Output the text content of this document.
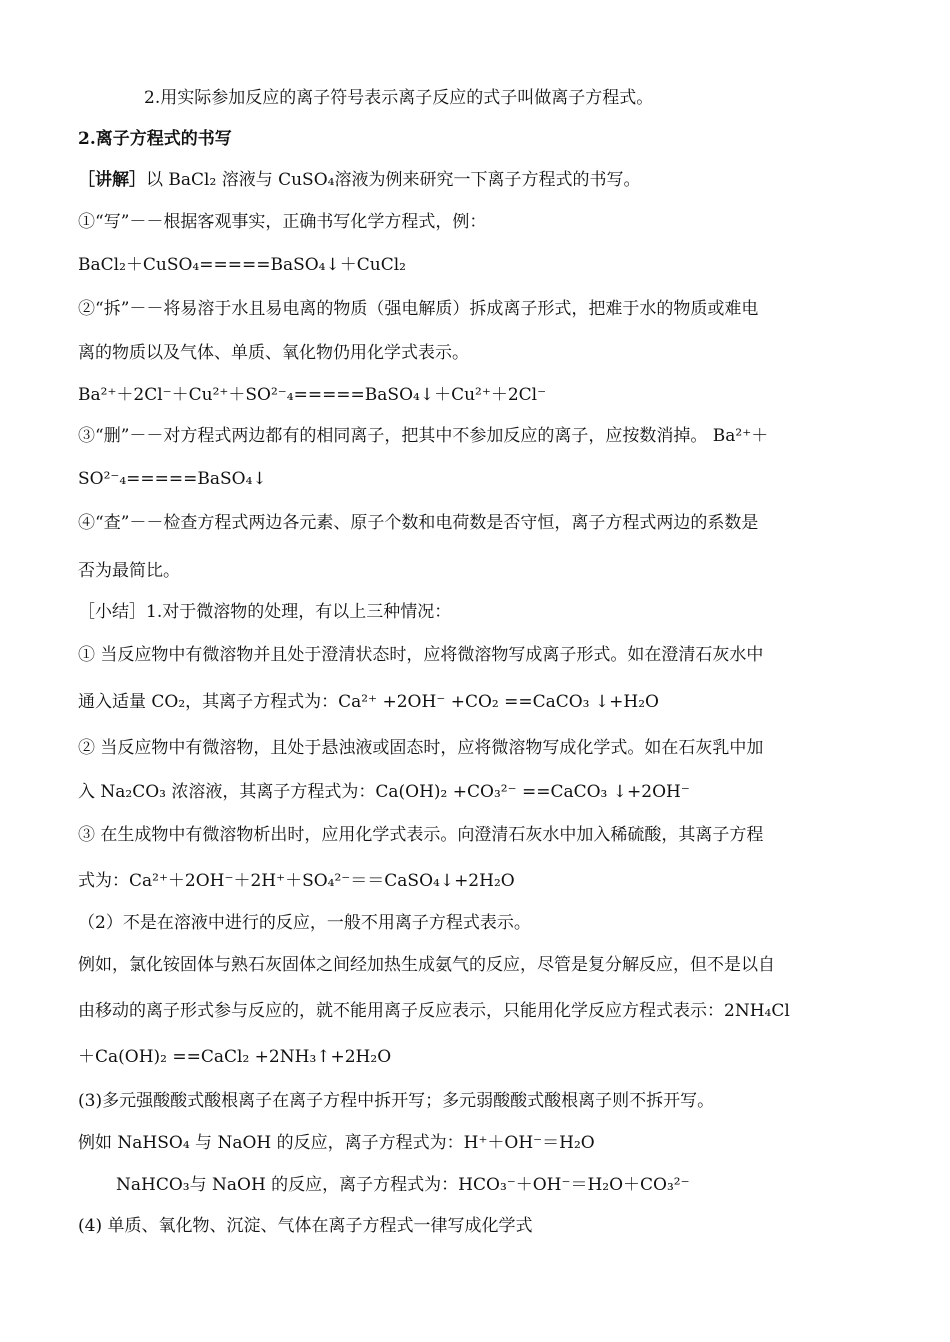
2.用实际参加反应的离子符号表示离子反应的式子叫做离子方程式。
2.离子方程式的书写
［讲解］以 BaCl₂ 溶液与 CuSO₄溶液为例来研究一下离子方程式的书写。
①“写”－－根据客观事实，正确书写化学方程式，例：
BaCl₂＋CuSO₄=====BaSO₄↓＋CuCl₂
②“拆”－－将易溶于水且易电离的物质（强电解质）拆成离子形式，把难于水的物质或难电
离的物质以及气体、单质、氧化物仍用化学式表示。
Ba²⁺＋2Cl⁻＋Cu²⁺＋SO²⁻₄=====BaSO₄↓＋Cu²⁺＋2Cl⁻
③“删”－－对方程式两边都有的相同离子，把其中不参加反应的离子，应按数消掉。 Ba²⁺＋
SO²⁻₄=====BaSO₄↓
④“查”－－检查方程式两边各元素、原子个数和电荷数是否守恒，离子方程式两边的系数是
否为最简比。
［小结］1.对于微溶物的处理，有以上三种情况：
① 当反应物中有微溶物并且处于澄清状态时，应将微溶物写成离子形式。如在澄清石灰水中
通入适量 CO₂，其离子方程式为：Ca²⁺ +2OH⁻ +CO₂ ==CaCO₃ ↓+H₂O
② 当反应物中有微溶物，且处于悬浊液或固态时，应将微溶物写成化学式。如在石灰乳中加
入 Na₂CO₃ 浓溶液，其离子方程式为：Ca(OH)₂ +CO₃²⁻ ==CaCO₃ ↓+2OH⁻
③ 在生成物中有微溶物析出时，应用化学式表示。向澄清石灰水中加入稀硫酸，其离子方程
式为：Ca²⁺＋2OH⁻＋2H⁺＋SO₄²⁻＝＝CaSO₄↓+2H₂O
（2）不是在溶液中进行的反应，一般不用离子方程式表示。
例如，氯化铵固体与熟石灰固体之间经加热生成氨气的反应，尽管是复分解反应，但不是以自
由移动的离子形式参与反应的，就不能用离子反应表示，只能用化学反应方程式表示：2NH₄Cl
＋Ca(OH)₂ ==CaCl₂ +2NH₃↑+2H₂O
(3)多元强酸酸式酸根离子在离子方程中拆开写；多元弱酸酸式酸根离子则不拆开写。
例如 NaHSO₄ 与 NaOH 的反应，离子方程式为：H⁺＋OH⁻＝H₂O
NaHCO₃与 NaOH 的反应，离子方程式为：HCO₃⁻＋OH⁻＝H₂O＋CO₃²⁻
(4) 单质、氧化物、沉淀、气体在离子方程式一律写成化学式
